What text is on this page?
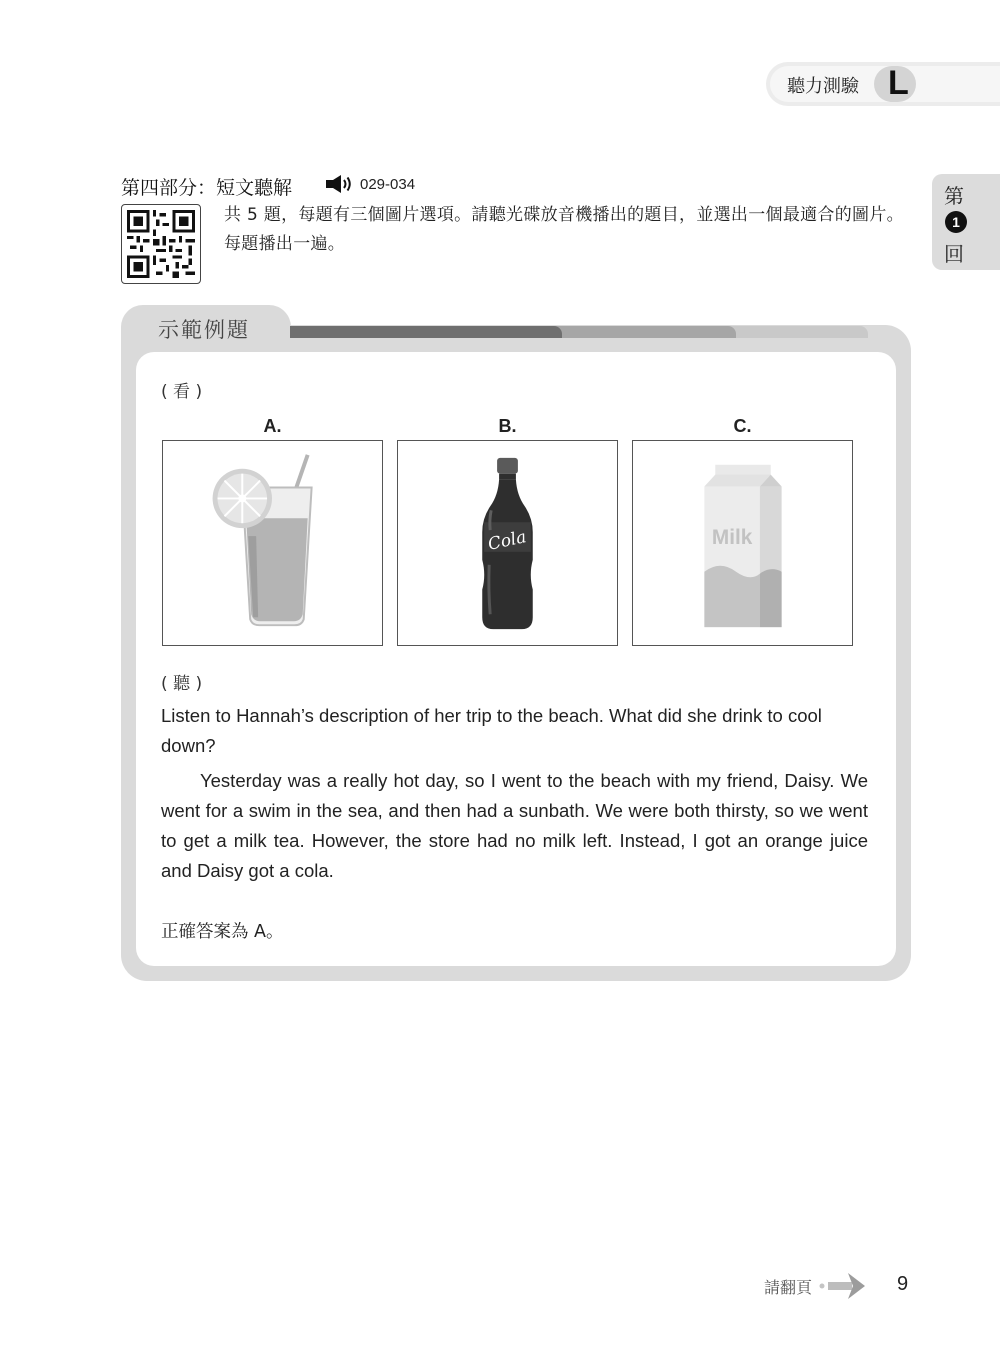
聽力測驗 L
第
1
回
第四部分：短文聽解	029-034
共 5 題，每題有三個圖片選項。請聽光碟放音機播出的題目，並選出一個最適合的圖片。每題播出一遍。
示範例題
( 看 )
A.	B.	C.
Cola	Milk
( 聽 )
Listen to Hannah’s description of her trip to the beach. What did she drink to cool down?
Yesterday was a really hot day, so I went to the beach with my friend, Daisy. We went for a swim in the sea, and then had a sunbath. We were both thirsty, so we went to get a milk tea. However, the store had no milk left. Instead, I got an orange juice and Daisy got a cola.
正確答案為 A。
請翻頁	9
